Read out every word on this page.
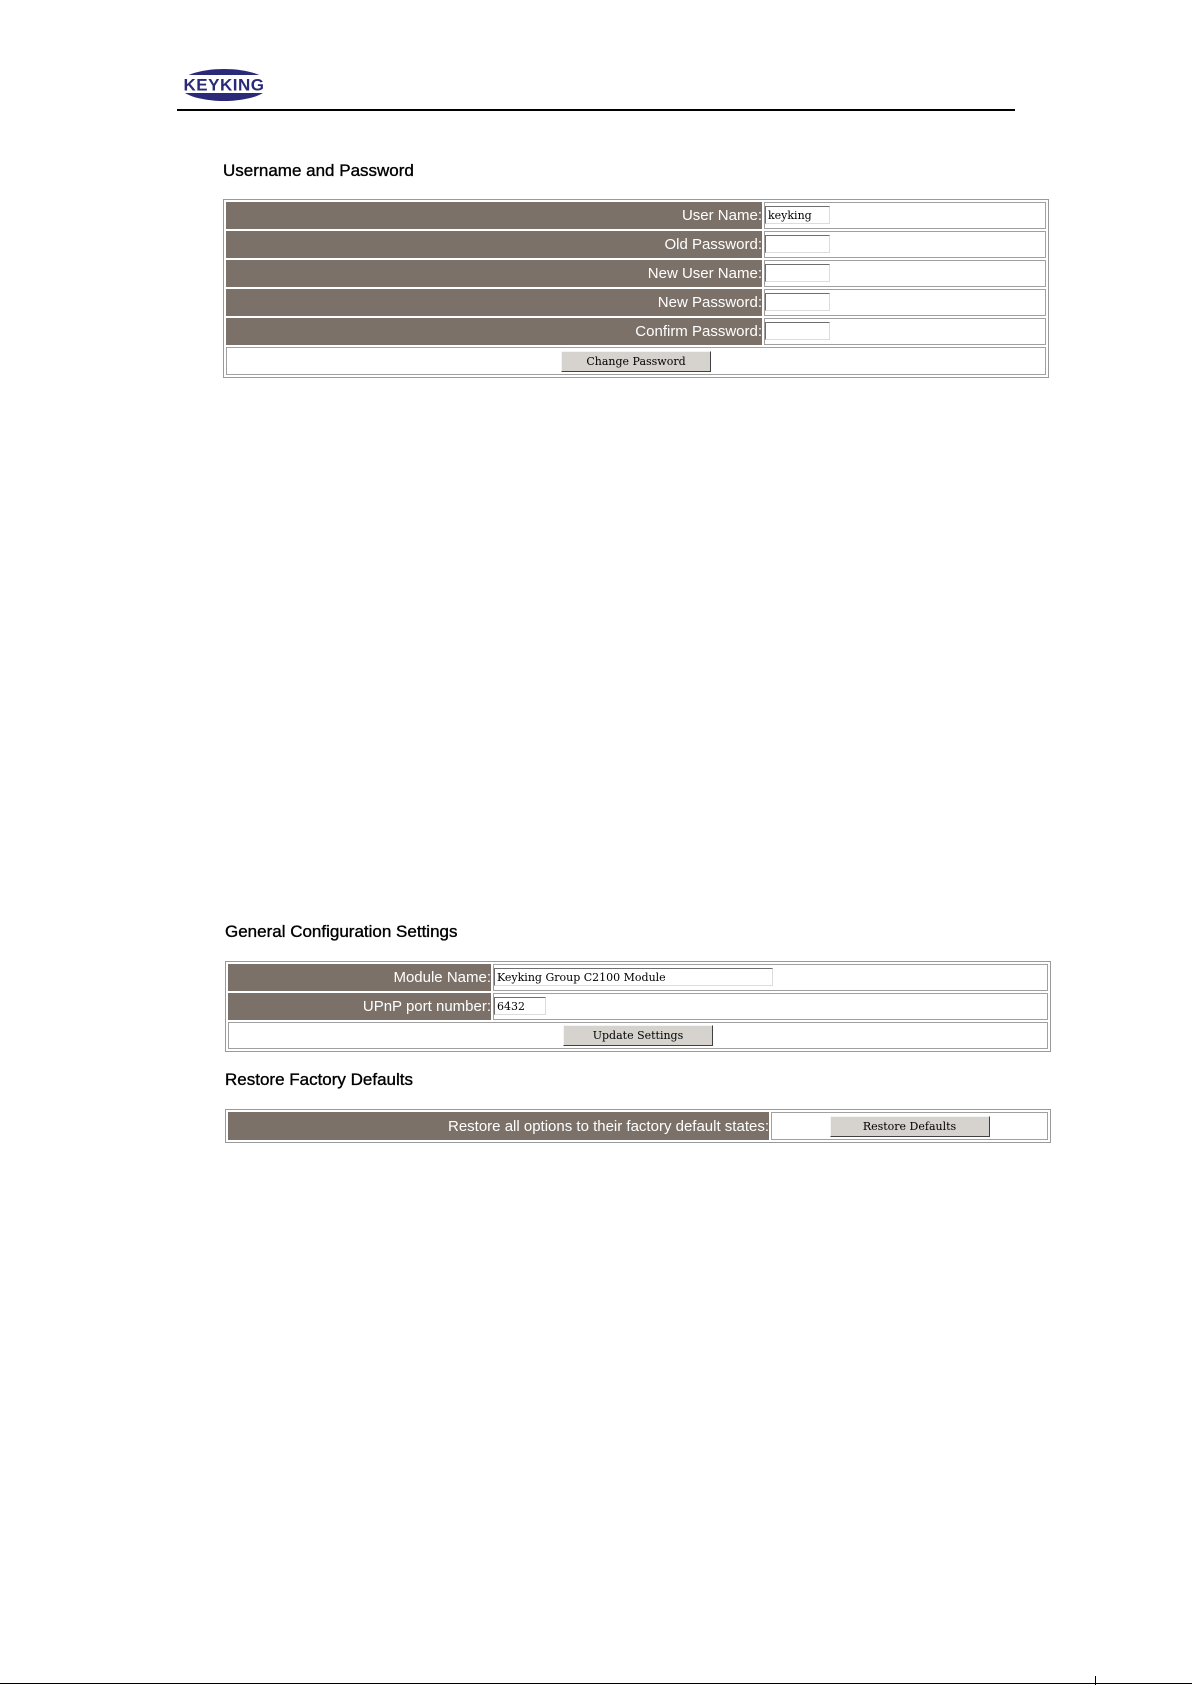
KEYKING
Username and Password
User Name:	keyking
Old Password:	
New User Name:	
New Password:	
Confirm Password:	
Change Password	
General Configuration Settings
Module Name:	Keyking Group C2100 Module
UPnP port number:	6432
Update Settings	
Restore Factory Defaults
Restore all options to their factory default states:	Restore Defaults
